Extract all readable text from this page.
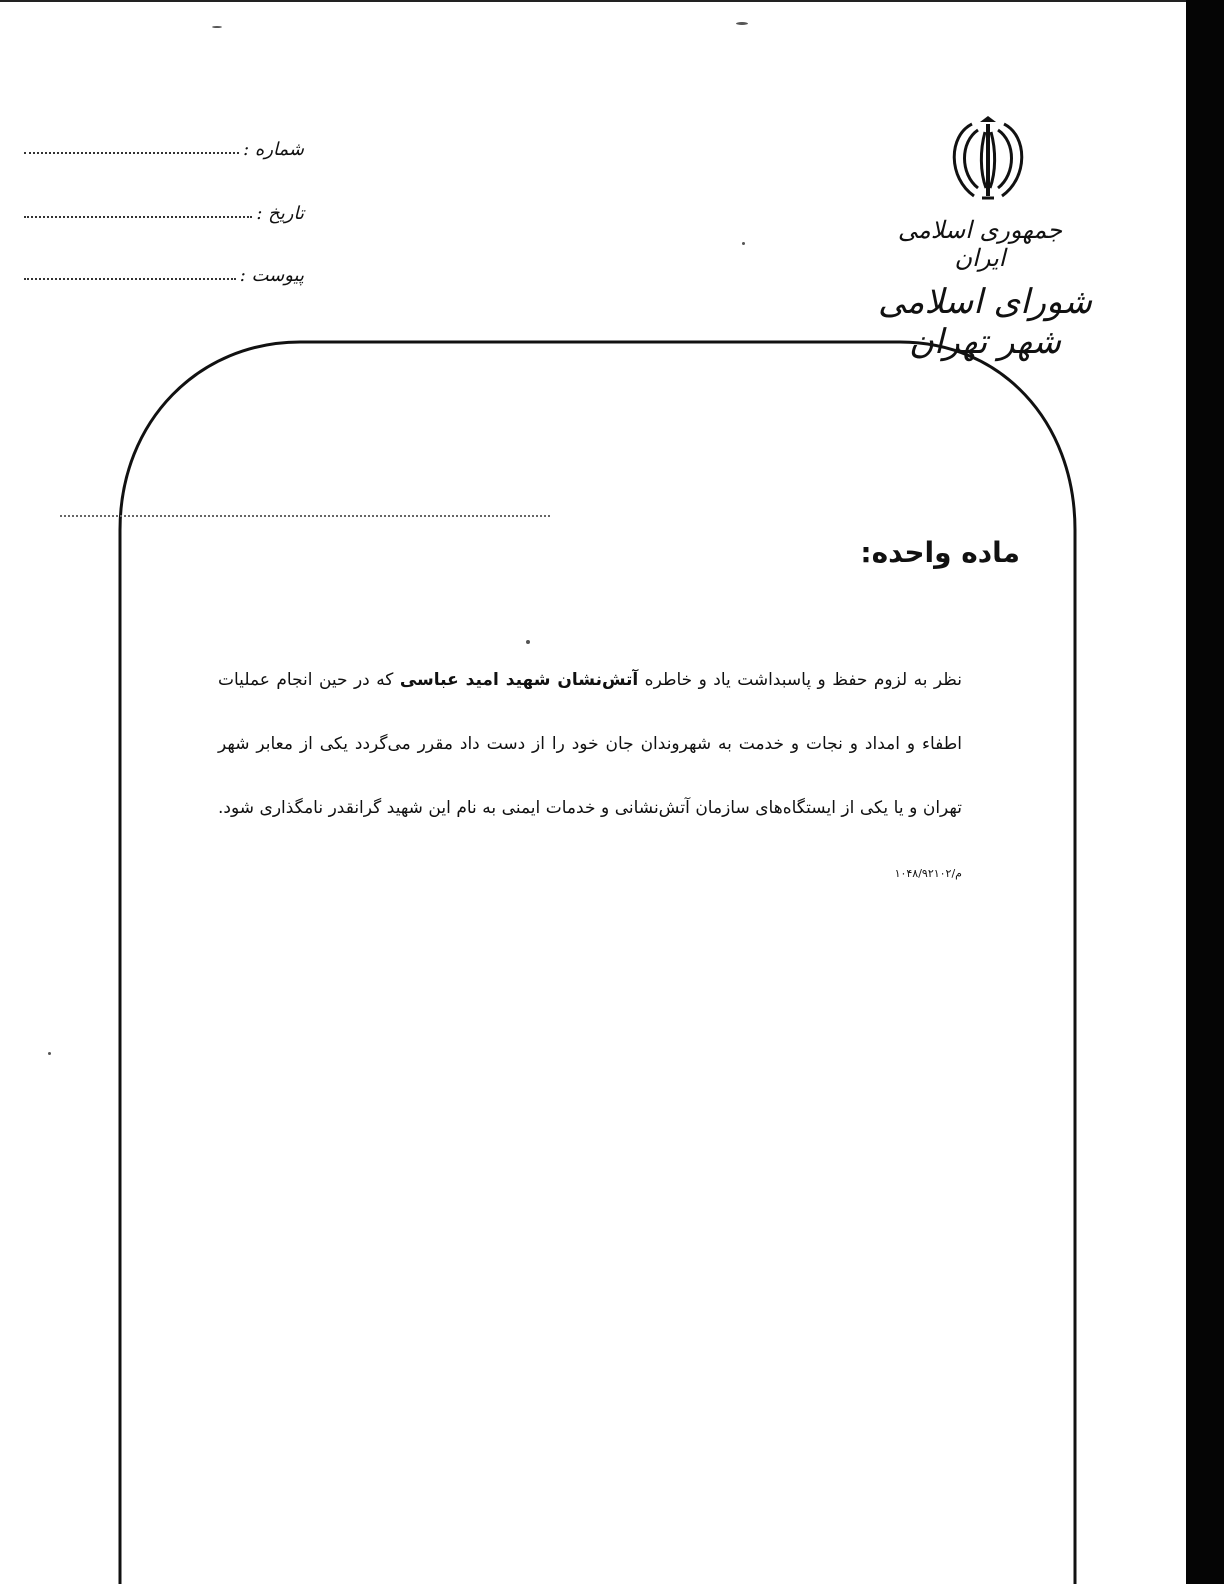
جمهوری اسلامی ایران
شورای اسلامی شهر تهران
شماره :
تاریخ :
پیوست :
ماده واحده:
نظر به لزوم حفظ و پاسبداشت یاد و خاطره آتش‌نشان شهید امید عباسی که در حین انجام عملیات اطفاء و امداد و نجات و خدمت به شهروندان جان خود را از دست داد مقرر می‌گردد یکی از معابر شهر تهران و یا یکی از ایستگاه‌های سازمان آتش‌نشانی و خدمات ایمنی به نام این شهید گرانقدر نامگذاری شود. م/۱۰۴۸/۹۲۱۰۲
